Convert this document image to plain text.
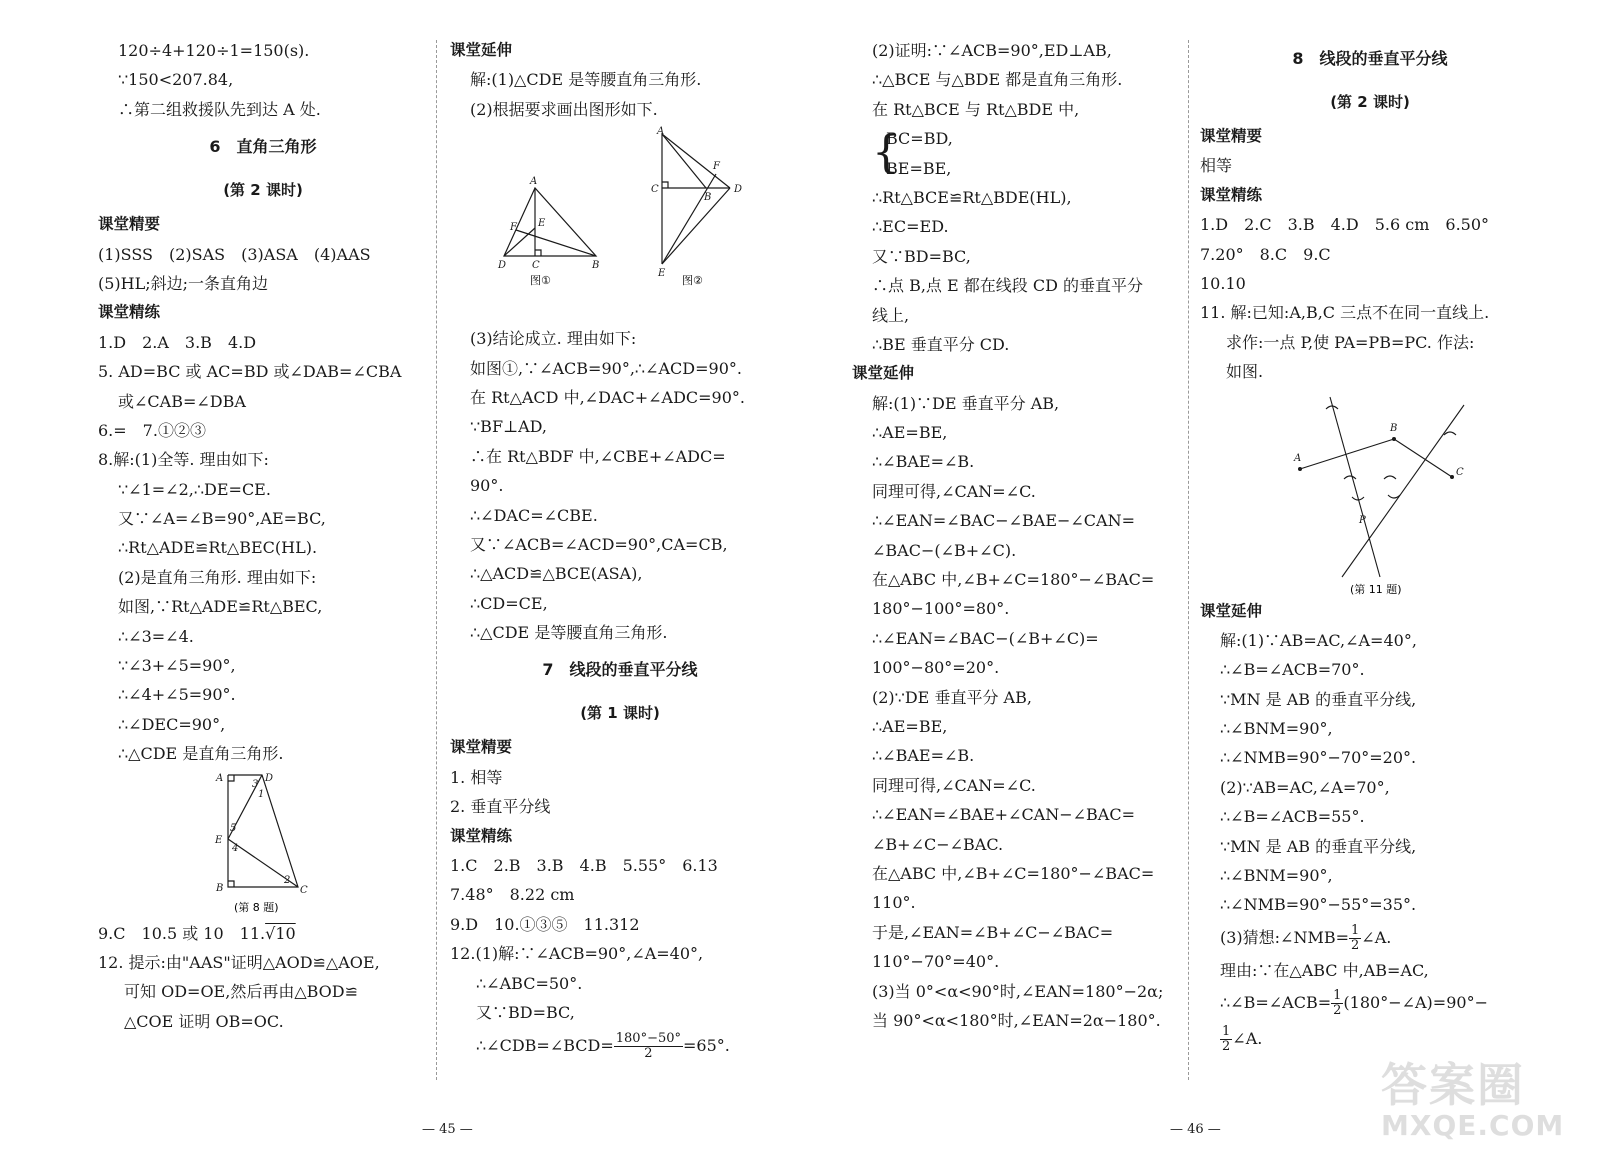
120÷4+120÷1=150(s).
∵150<207.84,
∴第二组救援队先到达 A 处.
6　直角三角形
(第 2 课时)
课堂精要
(1)SSS　(2)SAS　(3)ASA　(4)AAS
(5)HL;斜边;一条直角边
课堂精练
1.D　2.A　3.B　4.D
5. AD=BC 或 AC=BD 或∠DAB=∠CBA
或∠CAB=∠DBA
6.=　7.①②③
8.解:(1)全等. 理由如下:
∵∠1=∠2,∴DE=CE.
又∵∠A=∠B=90°,AE=BC,
∴Rt△ADE≌Rt△BEC(HL).
(2)是直角三角形. 理由如下:
如图,∵Rt△ADE≌Rt△BEC,
∴∠3=∠4.
∵∠3+∠5=90°,
∴∠4+∠5=90°.
∴∠DEC=90°,
∴△CDE 是直角三角形.
A	D
3
1
5
E
4
B
2
C
(第 8 题)
9.C　10.5 或 10　11.√10
12. 提示:由"AAS"证明△AOD≌△AOE,
可知 OD=OE,然后再由△BOD≌
△COE 证明 OB=OC.
课堂延伸
解:(1)△CDE 是等腰直角三角形.
(2)根据要求画出图形如下.
A
F E
D	C	B
图①
A
F
C
B
D
E
图②
(3)结论成立. 理由如下:
如图①,∵∠ACB=90°,∴∠ACD=90°.
在 Rt△ACD 中,∠DAC+∠ADC=90°.
∵BF⊥AD,
∴在 Rt△BDF 中,∠CBE+∠ADC=
90°.
∴∠DAC=∠CBE.
又∵∠ACB=∠ACD=90°,CA=CB,
∴△ACD≌△BCE(ASA),
∴CD=CE,
∴△CDE 是等腰直角三角形.
7　线段的垂直平分线
(第 1 课时)
课堂精要
1. 相等
2. 垂直平分线
课堂精练
1.C　2.B　3.B　4.B　5.55°　6.13
7.48°　8.22 cm
9.D　10.①③⑤　11.312
12.(1)解:∵∠ACB=90°,∠A=40°,
∴∠ABC=50°.
又∵BD=BC,
∴∠CDB=∠BCD= $\frac{180^\circ-50^\circ}{2} =65^\circ$.
— 45 —
(2)证明:∵∠ACB=90°,ED⊥AB,
∴△BCE 与△BDE 都是直角三角形.
在 Rt△BCE 与 Rt△BDE 中,
{
BC=BD,
BE=BE,
∴Rt△BCE≌Rt△BDE(HL),
∴EC=ED.
又∵BD=BC,
∴点 B,点 E 都在线段 CD 的垂直平分
线上,
∴BE 垂直平分 CD.
课堂延伸
解:(1)∵DE 垂直平分 AB,
∴AE=BE,
∴∠BAE=∠B.
同理可得,∠CAN=∠C.
∴∠EAN=∠BAC−∠BAE−∠CAN=
∠BAC−(∠B+∠C).
在△ABC 中,∠B+∠C=180°−∠BAC=
180°−100°=80°.
∴∠EAN=∠BAC−(∠B+∠C)=
100°−80°=20°.
(2)∵DE 垂直平分 AB,
∴AE=BE,
∴∠BAE=∠B.
同理可得,∠CAN=∠C.
∴∠EAN=∠BAE+∠CAN−∠BAC=
∠B+∠C−∠BAC.
在△ABC 中,∠B+∠C=180°−∠BAC=
110°.
于是,∠EAN=∠B+∠C−∠BAC=
110°−70°=40°.
(3)当 0°<α<90°时,∠EAN=180°−2α;
当 90°<α<180°时,∠EAN=2α−180°.
8　线段的垂直平分线
(第 2 课时)
课堂精要
相等
课堂精练
1.D　2.C　3.B　4.D　5.6 cm　6.50°
7.20°　8.C　9.C
10.10
11. 解:已知:A,B,C 三点不在同一直线上.
求作:一点 P,使 PA=PB=PC. 作法:
如图.
A
B
C
P
(第 11 题)
课堂延伸
解:(1)∵AB=AC,∠A=40°,
∴∠B=∠ACB=70°.
∵MN 是 AB 的垂直平分线,
∴∠BNM=90°,
∴∠NMB=90°−70°=20°.
(2)∵AB=AC,∠A=70°,
∴∠B=∠ACB=55°.
∵MN 是 AB 的垂直平分线,
∴∠BNM=90°,
∴∠NMB=90°−55°=35°.
(3)猜想:∠NMB= $\frac{1}{2}$ ∠A.
理由:∵在△ABC 中,AB=AC,
∴∠B=∠ACB= $\frac{1}{2}$ (180°−∠A)=90°−
$\frac{1}{2}$ ∠A.
— 46 —
答案圈
MXQE.COM
